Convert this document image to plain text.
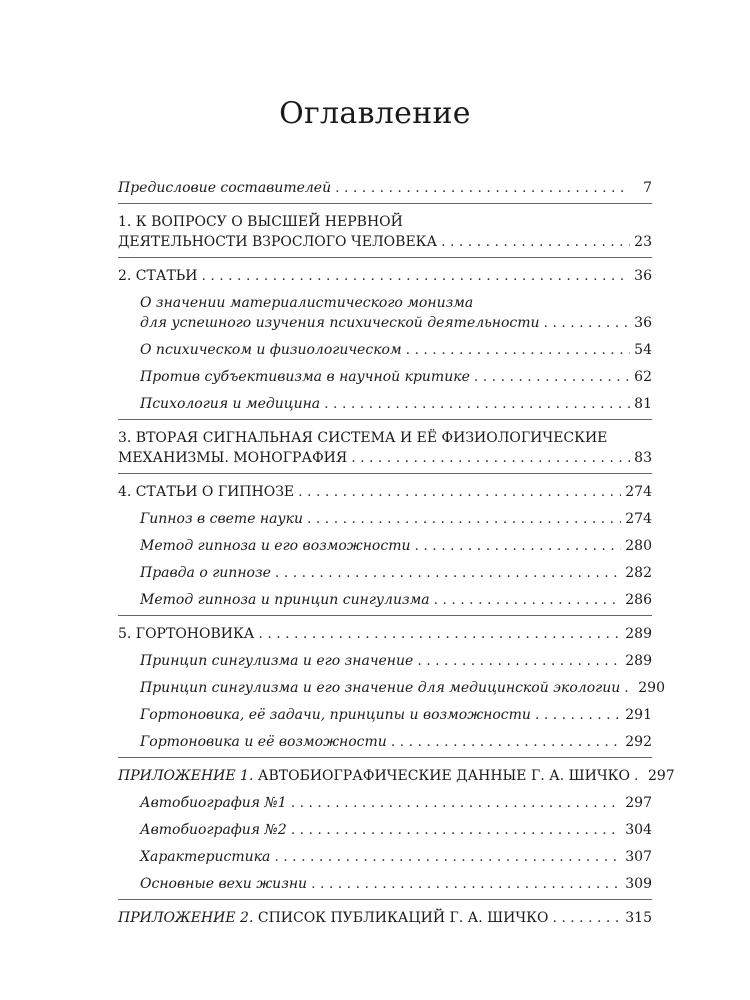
Оглавление
Предисловие составителей . . .	7
1. К ВОПРОСУ О ВЫСШЕЙ НЕРВНОЙ
ДЕЯТЕЛЬНОСТИ ВЗРОСЛОГО ЧЕЛОВЕКА . . .	23
2. СТАТЬИ . . .	36
О значении материалистического монизма
для успешного изучения психической деятельности . . .	36
О психическом и физиологическом . . .	54
Против субъективизма в научной критике . . .	62
Психология и медицина . . .	81
3. ВТОРАЯ СИГНАЛЬНАЯ СИСТЕМА И ЕЁ ФИЗИОЛОГИЧЕСКИЕ
МЕХАНИЗМЫ. МОНОГРАФИЯ . . .	83
4. СТАТЬИ О ГИПНОЗЕ . . .	274
Гипноз в свете науки . . .	274
Метод гипноза и его возможности . . .	280
Правда о гипнозе . . .	282
Метод гипноза и принцип сингулизма . . .	286
5. ГОРТОНОВИКА . . .	289
Принцип сингулизма и его значение . . .	289
Принцип сингулизма и его значение для медицинской экологии . . . 290
Гортоновика, её задачи, принципы и возможности . . .	291
Гортоновика и её возможности . . .	292
ПРИЛОЖЕНИЕ 1. АВТОБИОГРАФИЧЕСКИЕ ДАННЫЕ Г. А. ШИЧКО . . . 297
Автобиография №1 . . .	297
Автобиография №2 . . .	304
Характеристика . . .	307
Основные вехи жизни . . .	309
ПРИЛОЖЕНИЕ 2. СПИСОК ПУБЛИКАЦИЙ Г. А. ШИЧКО . . .	315
